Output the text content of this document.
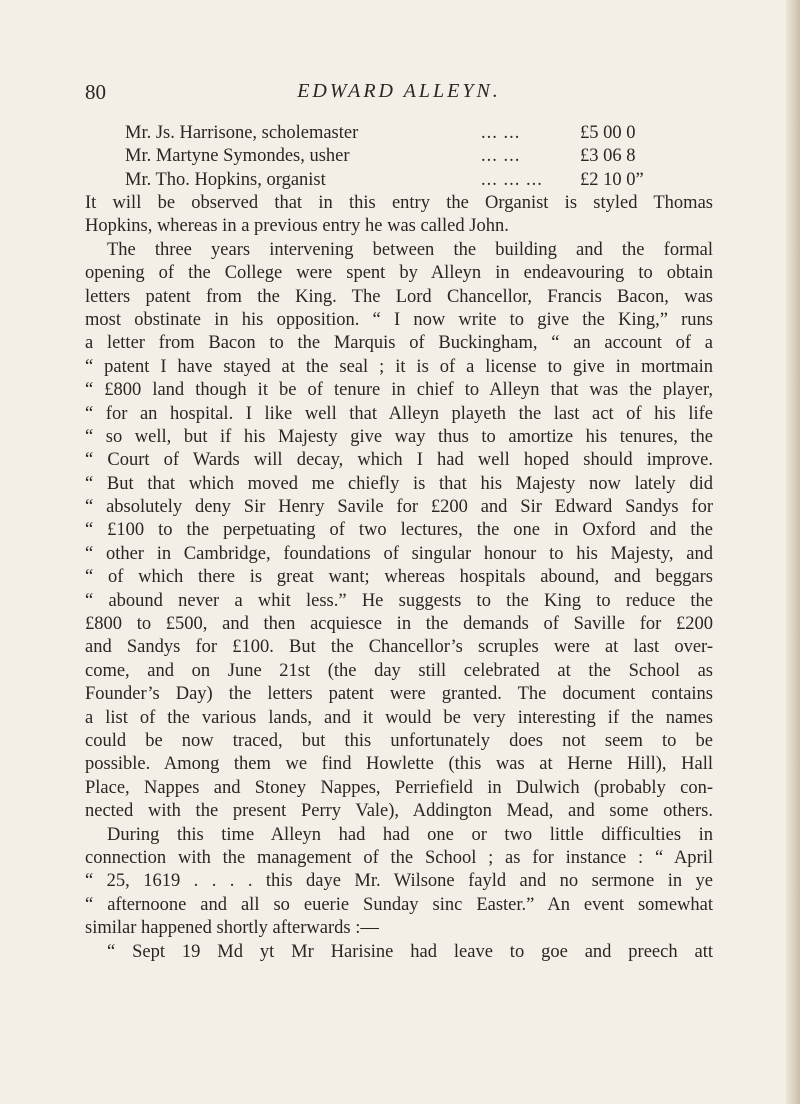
80	EDWARD ALLEYN.
Mr. Js. Harrisone, scholemaster	... ...	£5 00 0
Mr. Martyne Symondes, usher	... ...	£3 06 8
Mr. Tho. Hopkins, organist	... ... ... £2 10 0”
It will be observed that in this entry the Organist is styled Thomas
Hopkins, whereas in a previous entry he was called John.
The three years intervening between the building and the formal
opening of the College were spent by Alleyn in endeavouring to obtain
letters patent from the King. The Lord Chancellor, Francis Bacon, was
most obstinate in his opposition. “ I now write to give the King,” runs
a letter from Bacon to the Marquis of Buckingham, “ an account of a
“ patent I have stayed at the seal ; it is of a license to give in mortmain
“ £800 land though it be of tenure in chief to Alleyn that was the player,
“ for an hospital. I like well that Alleyn playeth the last act of his life
“ so well, but if his Majesty give way thus to amortize his tenures, the
“ Court of Wards will decay, which I had well hoped should improve.
“ But that which moved me chiefly is that his Majesty now lately did
“ absolutely deny Sir Henry Savile for £200 and Sir Edward Sandys for
“ £100 to the perpetuating of two lectures, the one in Oxford and the
“ other in Cambridge, foundations of singular honour to his Majesty, and
“ of which there is great want; whereas hospitals abound, and beggars
“ abound never a whit less.” He suggests to the King to reduce the
£800 to £500, and then acquiesce in the demands of Saville for £200
and Sandys for £100. But the Chancellor’s scruples were at last over-
come, and on June 21st (the day still celebrated at the School as
Founder’s Day) the letters patent were granted. The document contains
a list of the various lands, and it would be very interesting if the names
could be now traced, but this unfortunately does not seem to be
possible. Among them we find Howlette (this was at Herne Hill), Hall
Place, Nappes and Stoney Nappes, Perriefield in Dulwich (probably con-
nected with the present Perry Vale), Addington Mead, and some others.
During this time Alleyn had had one or two little difficulties in
connection with the management of the School ; as for instance : “ April
“ 25, 1619 . . . . this daye Mr. Wilsone fayld and no sermone in ye
“ afternoone and all so euerie Sunday sinc Easter.” An event somewhat
similar happened shortly afterwards :—
“ Sept 19 Md yt Mr Harisine had leave to goe and preech att
